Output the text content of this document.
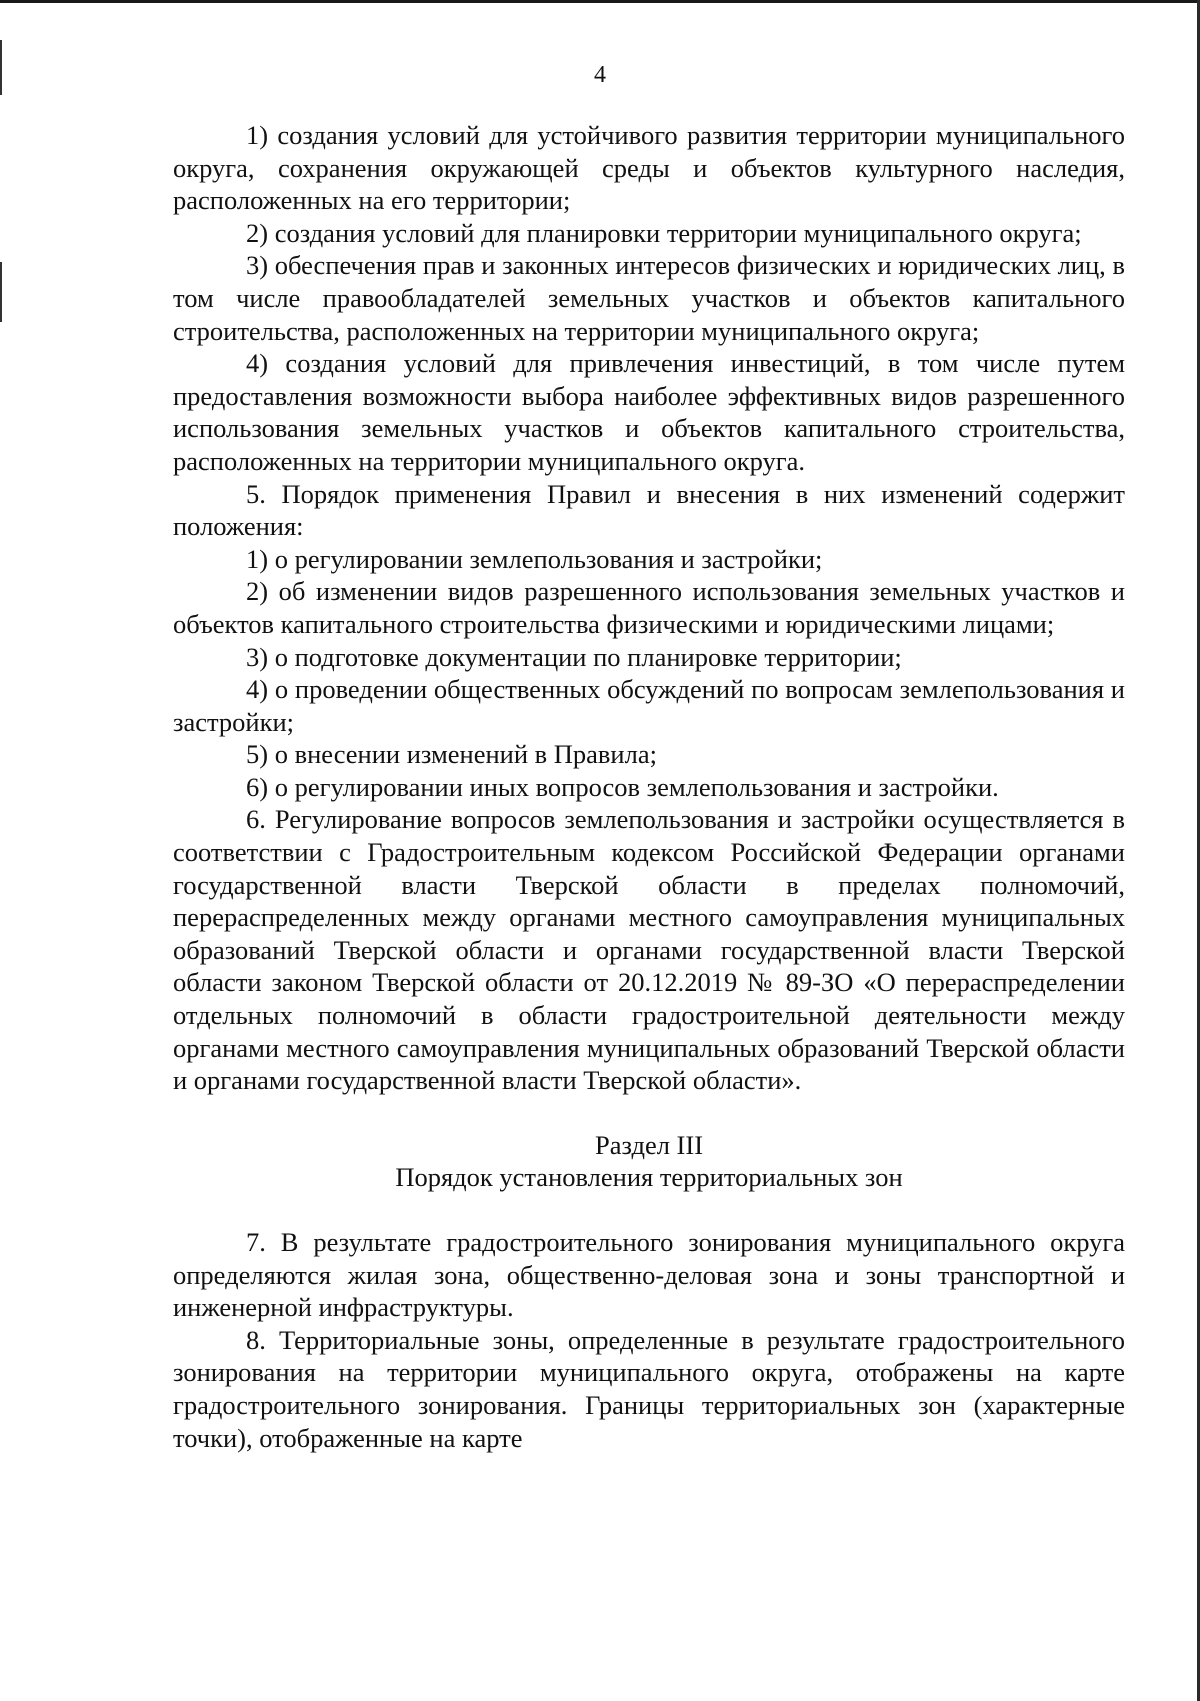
4

1) создания условий для устойчивого развития территории муниципального округа, сохранения окружающей среды и объектов культурного наследия, расположенных на его территории;

2) создания условий для планировки территории муниципального округа;

3) обеспечения прав и законных интересов физических и юридических лиц, в том числе правообладателей земельных участков и объектов капитального строительства, расположенных на территории муниципального округа;

4) создания условий для привлечения инвестиций, в том числе путем предоставления возможности выбора наиболее эффективных видов разрешенного использования земельных участков и объектов капитального строительства, расположенных на территории муниципального округа.

5. Порядок применения Правил и внесения в них изменений содержит положения:

1) о регулировании землепользования и застройки;

2) об изменении видов разрешенного использования земельных участков и объектов капитального строительства физическими и юридическими лицами;

3) о подготовке документации по планировке территории;

4) о проведении общественных обсуждений по вопросам землепользования и застройки;

5) о внесении изменений в Правила;

6) о регулировании иных вопросов землепользования и застройки.

6. Регулирование вопросов землепользования и застройки осуществляется в соответствии с Градостроительным кодексом Российской Федерации органами государственной власти Тверской области в пределах полномочий, перераспределенных между органами местного самоуправления муниципальных образований Тверской области и органами государственной власти Тверской области законом Тверской области от 20.12.2019 № 89-ЗО «О перераспределении отдельных полномочий в области градостроительной деятельности между органами местного самоуправления муниципальных образований Тверской области и органами государственной власти Тверской области».

Раздел III

Порядок установления территориальных зон

7. В результате градостроительного зонирования муниципального округа определяются жилая зона, общественно-деловая зона и зоны транспортной и инженерной инфраструктуры.

8. Территориальные зоны, определенные в результате градостроительного зонирования на территории муниципального округа, отображены на карте градостроительного зонирования. Границы территориальных зон (характерные точки), отображенные на карте
